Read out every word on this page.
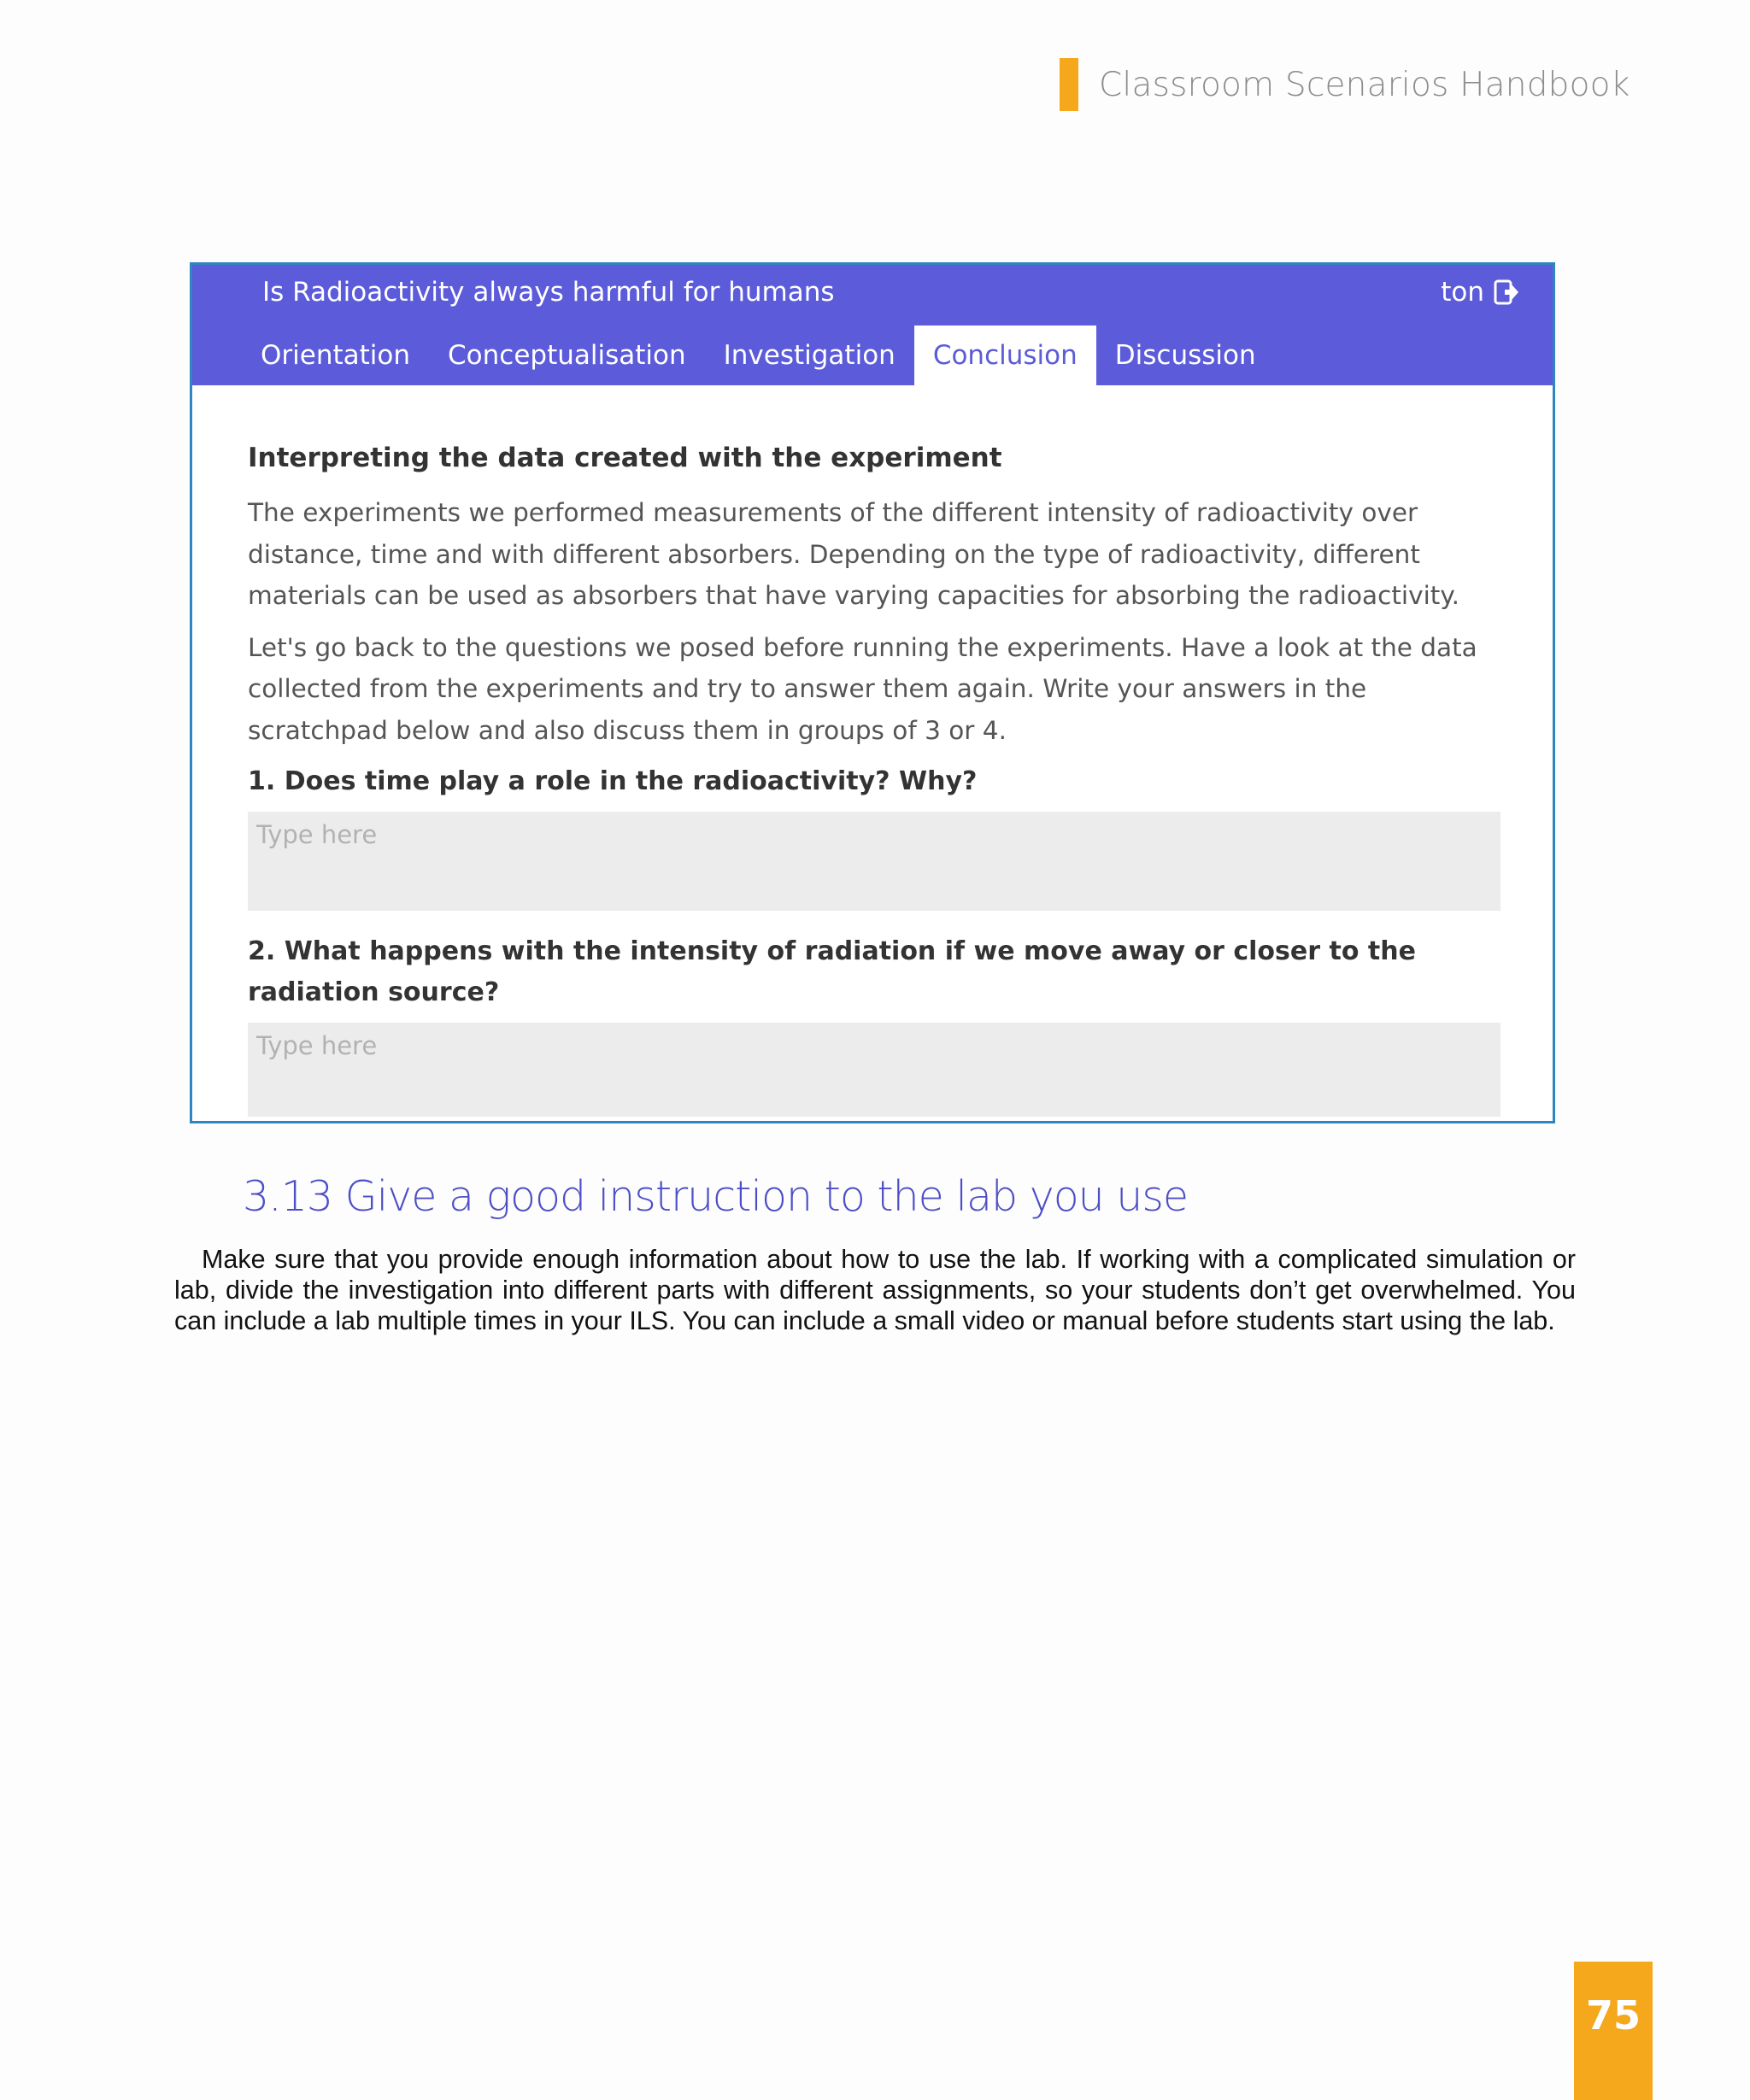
Classroom Scenarios Handbook
Is Radioactivity always harmful for humans	ton
Orientation	Conceptualisation	Investigation	Conclusion	Discussion
Interpreting the data created with the experiment

The experiments we performed measurements of the different intensity of radioactivity over distance, time and with different absorbers. Depending on the type of radioactivity, different materials can be used as absorbers that have varying capacities for absorbing the radioactivity.

Let's go back to the questions we posed before running the experiments. Have a look at the data collected from the experiments and try to answer them again. Write your answers in the scratchpad below and also discuss them in groups of 3 or 4.

1. Does time play a role in the radioactivity? Why?

Type here

2. What happens with the intensity of radiation if we move away or closer to the radiation source?

Type here
3.13 Give a good instruction to the lab you use

Make sure that you provide enough information about how to use the lab. If working with a complicated simulation or lab, divide the investigation into different parts with different assignments, so your students don’t get overwhelmed. You can include a lab multiple times in your ILS. You can include a small video or manual before students start using the lab.

75
